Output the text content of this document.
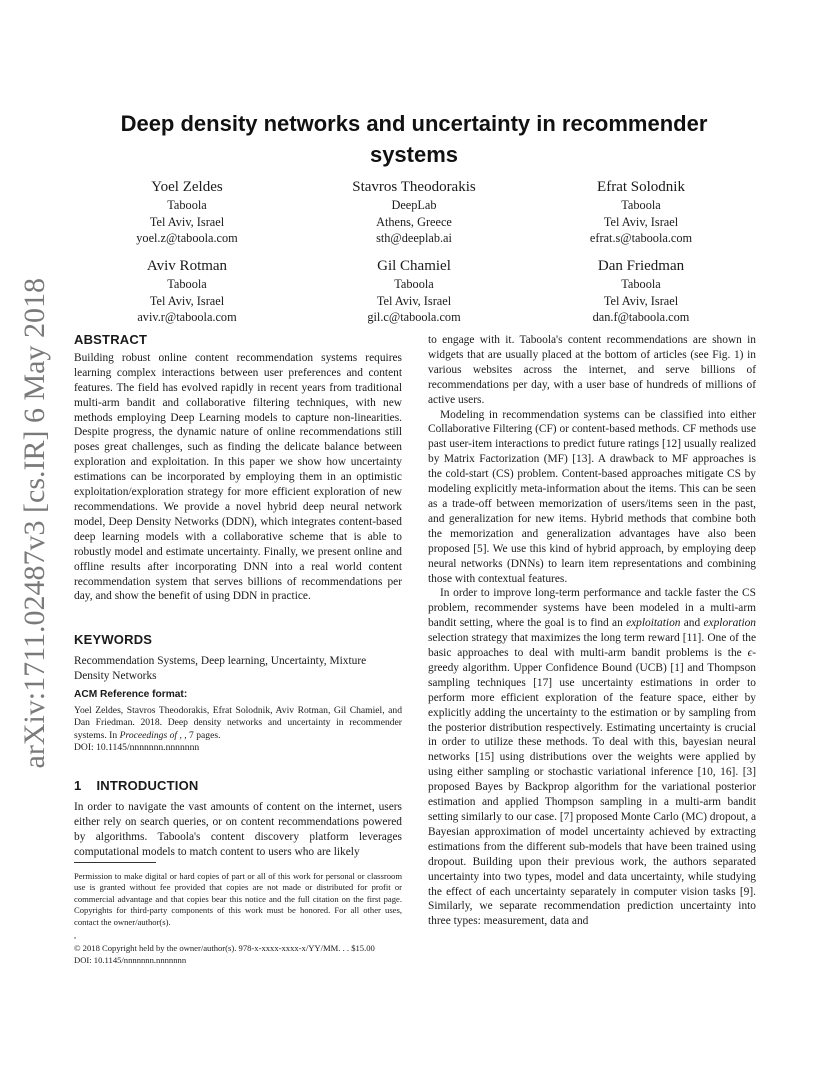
arXiv:1711.02487v3 [cs.IR] 6 May 2018
Deep density networks and uncertainty in recommender systems
Yoel Zeldes
Taboola
Tel Aviv, Israel
yoel.z@taboola.com
Stavros Theodorakis
DeepLab
Athens, Greece
sth@deeplab.ai
Efrat Solodnik
Taboola
Tel Aviv, Israel
efrat.s@taboola.com
Aviv Rotman
Taboola
Tel Aviv, Israel
aviv.r@taboola.com
Gil Chamiel
Taboola
Tel Aviv, Israel
gil.c@taboola.com
Dan Friedman
Taboola
Tel Aviv, Israel
dan.f@taboola.com
ABSTRACT

Building robust online content recommendation systems requires learning complex interactions between user preferences and content features. The field has evolved rapidly in recent years from traditional multi-arm bandit and collaborative filtering techniques, with new methods employing Deep Learning models to capture non-linearities. Despite progress, the dynamic nature of online recommendations still poses great challenges, such as finding the delicate balance between exploration and exploitation. In this paper we show how uncertainty estimations can be incorporated by employing them in an optimistic exploitation/exploration strategy for more efficient exploration of new recommendations. We provide a novel hybrid deep neural network model, Deep Density Networks (DDN), which integrates content-based deep learning models with a collaborative scheme that is able to robustly model and estimate uncertainty. Finally, we present online and offline results after incorporating DNN into a real world content recommendation system that serves billions of recommendations per day, and show the benefit of using DDN in practice.

KEYWORDS

Recommendation Systems, Deep learning, Uncertainty, Mixture Density Networks

ACM Reference format:

Yoel Zeldes, Stavros Theodorakis, Efrat Solodnik, Aviv Rotman, Gil Chamiel, and Dan Friedman. 2018. Deep density networks and uncertainty in recommender systems. In Proceedings of , , 7 pages.

DOI: 10.1145/nnnnnnn.nnnnnnn

1 INTRODUCTION

In order to navigate the vast amounts of content on the internet, users either rely on search queries, or on content recommendations powered by algorithms. Taboola's content discovery platform leverages computational models to match content to users who are likely

Permission to make digital or hard copies of part or all of this work for personal or classroom use is granted without fee provided that copies are not made or distributed for profit or commercial advantage and that copies bear this notice and the full citation on the first page. Copyrights for third-party components of this work must be honored. For all other uses, contact the owner/author(s).

,

© 2018 Copyright held by the owner/author(s). 978-x-xxxx-xxxx-x/YY/MM. . . $15.00

DOI: 10.1145/nnnnnnn.nnnnnnn

to engage with it. Taboola's content recommendations are shown in widgets that are usually placed at the bottom of articles (see Fig. 1) in various websites across the internet, and serve billions of recommendations per day, with a user base of hundreds of millions of active users.

Modeling in recommendation systems can be classified into either Collaborative Filtering (CF) or content-based methods. CF methods use past user-item interactions to predict future ratings [12] usually realized by Matrix Factorization (MF) [13]. A drawback to MF approaches is the cold-start (CS) problem. Content-based approaches mitigate CS by modeling explicitly meta-information about the items. This can be seen as a trade-off between memorization of users/items seen in the past, and generalization for new items. Hybrid methods that combine both the memorization and generalization advantages have also been proposed [5]. We use this kind of hybrid approach, by employing deep neural networks (DNNs) to learn item representations and combining those with contextual features.

In order to improve long-term performance and tackle faster the CS problem, recommender systems have been modeled in a multi-arm bandit setting, where the goal is to find an exploitation and exploration selection strategy that maximizes the long term reward [11]. One of the basic approaches to deal with multi-arm bandit problems is the ϵ-greedy algorithm. Upper Confidence Bound (UCB) [1] and Thompson sampling techniques [17] use uncertainty estimations in order to perform more efficient exploration of the feature space, either by explicitly adding the uncertainty to the estimation or by sampling from the posterior distribution respectively. Estimating uncertainty is crucial in order to utilize these methods. To deal with this, bayesian neural networks [15] using distributions over the weights were applied by using either sampling or stochastic variational inference [10, 16]. [3] proposed Bayes by Backprop algorithm for the variational posterior estimation and applied Thompson sampling in a multi-arm bandit setting similarly to our case. [7] proposed Monte Carlo (MC) dropout, a Bayesian approximation of model uncertainty achieved by extracting estimations from the different sub-models that have been trained using dropout. Building upon their previous work, the authors separated uncertainty into two types, model and data uncertainty, while studying the effect of each uncertainty separately in computer vision tasks [9]. Similarly, we separate recommendation prediction uncertainty into three types: measurement, data and
